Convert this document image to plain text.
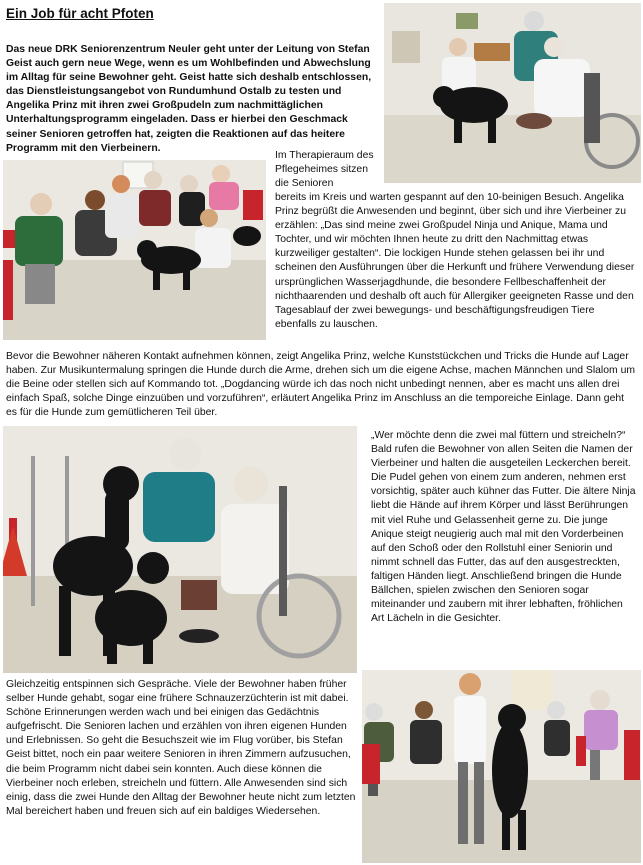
Ein Job für acht Pfoten

Das neue DRK Seniorenzentrum Neuler geht unter der Leitung von Stefan Geist auch gern neue Wege, wenn es um Wohlbefinden und Abwechslung im Alltag für seine Bewohner geht. Geist hatte sich deshalb entschlossen, das Dienstleistungsangebot von Rundumhund Ostalb zu testen und Angelika Prinz mit ihren zwei Großpudeln zum nachmittäglichen Unterhaltungsprogramm eingeladen. Dass er hierbei den Geschmack seiner Senioren getroffen hat, zeigten die Reaktionen auf das heitere Programm mit den Vierbeinern.

Im Therapieraum des Pflegeheimes sitzen die Senioren

bereits im Kreis und warten gespannt auf den 10-beinigen Besuch. Angelika Prinz begrüßt die Anwesenden und beginnt, über sich und ihre Vierbeiner zu erzählen: „Das sind meine zwei Großpudel Ninja und Anique, Mama und Tochter, und wir möchten Ihnen heute zu dritt den Nachmittag etwas kurzweiliger gestalten“. Die lockigen Hunde stehen gelassen bei ihr und scheinen den Ausführungen über die Herkunft und frühere Verwendung dieser ursprünglichen Wasserjagdhunde, die besondere Fellbeschaffenheit der nichthaarenden und deshalb oft auch für Allergiker geeigneten Rasse und den Tagesablauf der zwei bewegungs- und beschäftigungsfreudigen Tiere ebenfalls zu lauschen.

Bevor die Bewohner näheren Kontakt aufnehmen können, zeigt Angelika Prinz, welche Kunststückchen und Tricks die Hunde auf Lager haben. Zur Musikuntermalung springen die Hunde durch die Arme, drehen sich um die eigene Achse, machen Männchen und Slalom um die Beine oder stellen sich auf Kommando tot. „Dogdancing würde ich das noch nicht unbedingt nennen, aber es macht uns allen drei einfach Spaß, solche Dinge einzuüben und vorzuführen“, erläutert Angelika Prinz im Anschluss an die temporeiche Einlage. Dann geht es für die Hunde zum gemütlicheren Teil über.

„Wer möchte denn die zwei mal füttern und streicheln?“ Bald rufen die Bewohner von allen Seiten die Namen der Vierbeiner und halten die ausgeteilen Leckerchen bereit. Die Pudel gehen von einem zum anderen, nehmen erst vorsichtig, später auch kühner das Futter. Die ältere Ninja liebt die Hände auf ihrem Körper und lässt Berührungen mit viel Ruhe und Gelassenheit gerne zu. Die junge Anique steigt neugierig auch mal mit den Vorderbeinen auf den Schoß oder den Rollstuhl einer Seniorin und nimmt schnell das Futter, das auf den ausgestreckten, faltigen Händen liegt. Anschließend bringen die Hunde Bällchen, spielen zwischen den Senioren sogar miteinander und zaubern mit ihrer lebhaften, fröhlichen Art Lächeln in die Gesichter.

Gleichzeitig entspinnen sich Gespräche. Viele der Bewohner haben früher selber Hunde gehabt, sogar eine frühere Schnauzerzüchterin ist mit dabei. Schöne Erinnerungen werden wach und bei einigen das Gedächtnis aufgefrischt. Die Senioren lachen und erzählen von ihren eigenen Hunden und Erlebnissen. So geht die Besuchszeit wie im Flug vorüber, bis Stefan Geist bittet, noch ein paar weitere Senioren in ihren Zimmern aufzusuchen, die beim Programm nicht dabei sein konnten. Auch diese können die Vierbeiner noch erleben, streicheln und füttern. Alle Anwesenden sind sich einig, dass die zwei Hunde den Alltag der Bewohner heute nicht zum letzten Mal bereichert haben und freuen sich auf ein baldiges Wiedersehen.
